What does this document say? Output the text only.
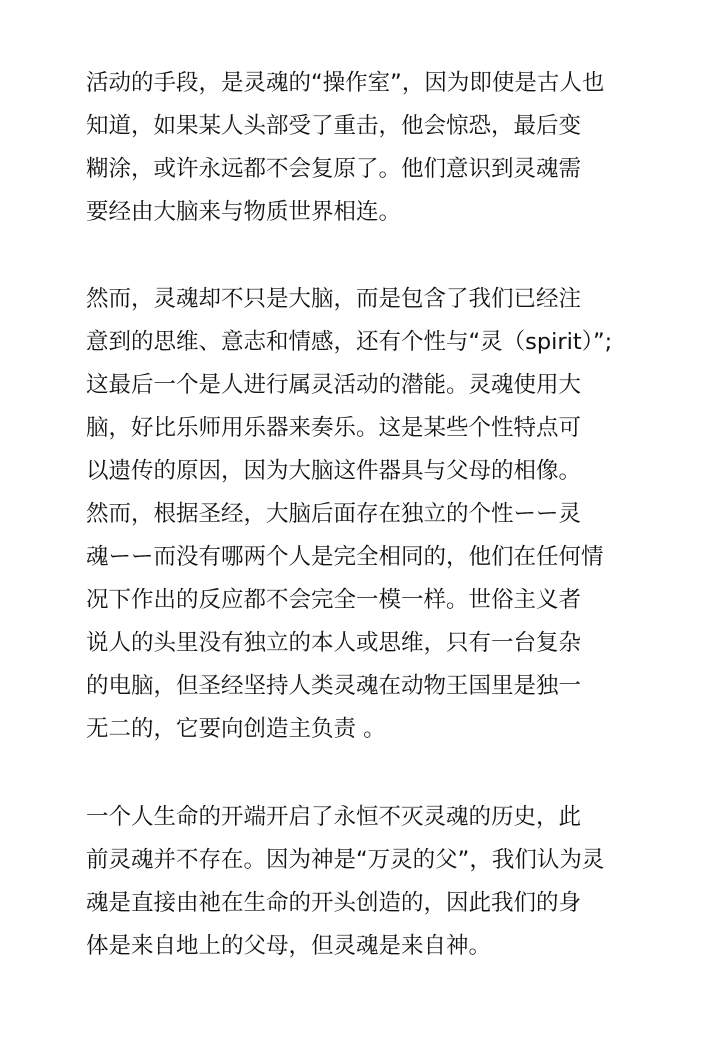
活动的手段，是灵魂的“操作室”，因为即使是古人也
知道，如果某人头部受了重击，他会惊恐，最后变
糊涂，或许永远都不会复原了。他们意识到灵魂需
要经由大脑来与物质世界相连。
然而，灵魂却不只是大脑，而是包含了我们已经注
意到的思维、意志和情感，还有个性与“灵（spirit）”;
这最后一个是人进行属灵活动的潜能。灵魂使用大
脑，好比乐师用乐器来奏乐。这是某些个性特点可
以遗传的原因，因为大脑这件器具与父母的相像。
然而，根据圣经，大脑后面存在独立的个性ーー灵
魂ーー而没有哪两个人是完全相同的，他们在任何情
况下作出的反应都不会完全一模一样。世俗主义者
说人的头里没有独立的本人或思维，只有一台复杂
的电脑，但圣经坚持人类灵魂在动物王国里是独一
无二的，它要向创造主负责 。
一个人生命的开端开启了永恒不灭灵魂的历史，此
前灵魂并不存在。因为神是“万灵的父”，我们认为灵
魂是直接由祂在生命的开头创造的，因此我们的身
体是来自地上的父母，但灵魂是来自神。
